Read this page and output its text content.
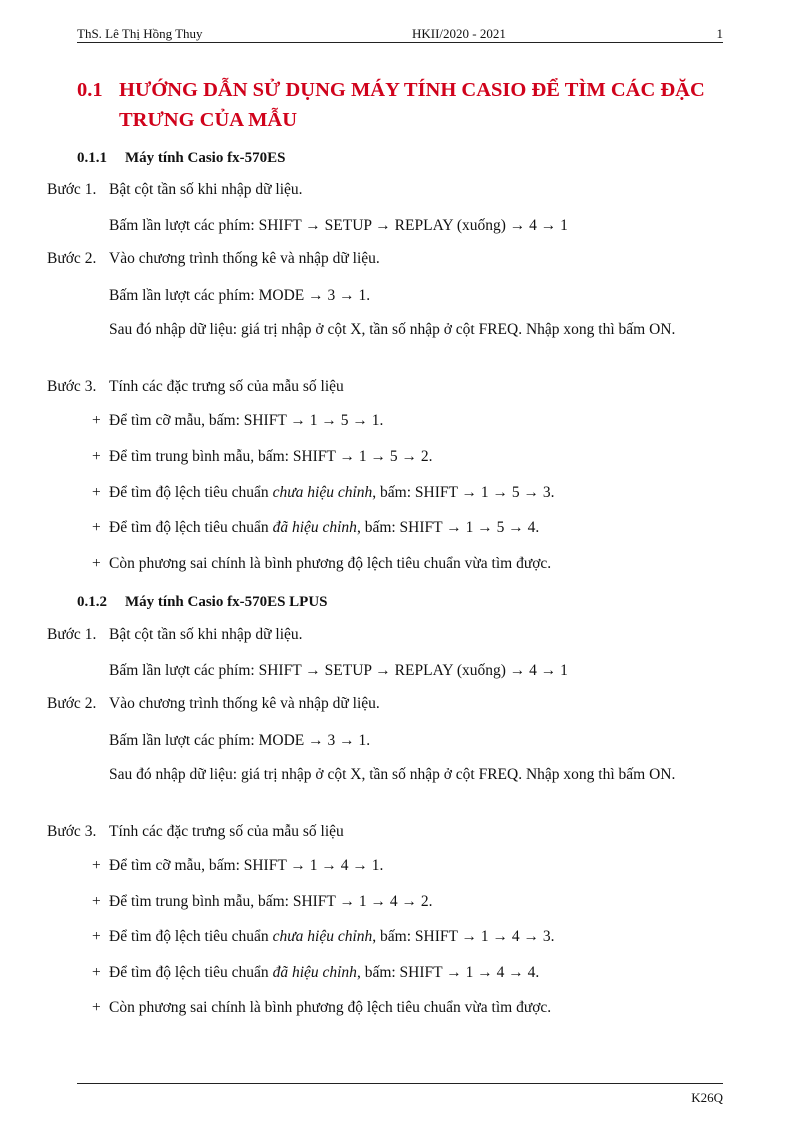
ThS. Lê Thị Hồng Thuy	HKII/2020 - 2021	1
0.1 HƯỚNG DẪN SỬ DỤNG MÁY TÍNH CASIO ĐỂ TÌM CÁC ĐẶC TRƯNG CỦA MẪU
0.1.1 Máy tính Casio fx-570ES
Bước 1. Bật cột tần số khi nhập dữ liệu.
Bấm lần lượt các phím: SHIFT → SETUP → REPLAY (xuống) → 4 → 1
Bước 2. Vào chương trình thống kê và nhập dữ liệu.
Bấm lần lượt các phím: MODE → 3 → 1.
Sau đó nhập dữ liệu: giá trị nhập ở cột X, tần số nhập ở cột FREQ. Nhập xong thì bấm ON.
Bước 3. Tính các đặc trưng số của mẫu số liệu
+ Để tìm cỡ mẫu, bấm: SHIFT → 1 → 5 → 1.
+ Để tìm trung bình mẫu, bấm: SHIFT → 1 → 5 → 2.
+ Để tìm độ lệch tiêu chuẩn chưa hiệu chỉnh, bấm: SHIFT → 1 → 5 → 3.
+ Để tìm độ lệch tiêu chuẩn đã hiệu chỉnh, bấm: SHIFT → 1 → 5 → 4.
+ Còn phương sai chính là bình phương độ lệch tiêu chuẩn vừa tìm được.
0.1.2 Máy tính Casio fx-570ES LPUS
Bước 1. Bật cột tần số khi nhập dữ liệu.
Bấm lần lượt các phím: SHIFT → SETUP → REPLAY (xuống) → 4 → 1
Bước 2. Vào chương trình thống kê và nhập dữ liệu.
Bấm lần lượt các phím: MODE → 3 → 1.
Sau đó nhập dữ liệu: giá trị nhập ở cột X, tần số nhập ở cột FREQ. Nhập xong thì bấm ON.
Bước 3. Tính các đặc trưng số của mẫu số liệu
+ Để tìm cỡ mẫu, bấm: SHIFT → 1 → 4 → 1.
+ Để tìm trung bình mẫu, bấm: SHIFT → 1 → 4 → 2.
+ Để tìm độ lệch tiêu chuẩn chưa hiệu chỉnh, bấm: SHIFT → 1 → 4 → 3.
+ Để tìm độ lệch tiêu chuẩn đã hiệu chỉnh, bấm: SHIFT → 1 → 4 → 4.
+ Còn phương sai chính là bình phương độ lệch tiêu chuẩn vừa tìm được.
K26Q
